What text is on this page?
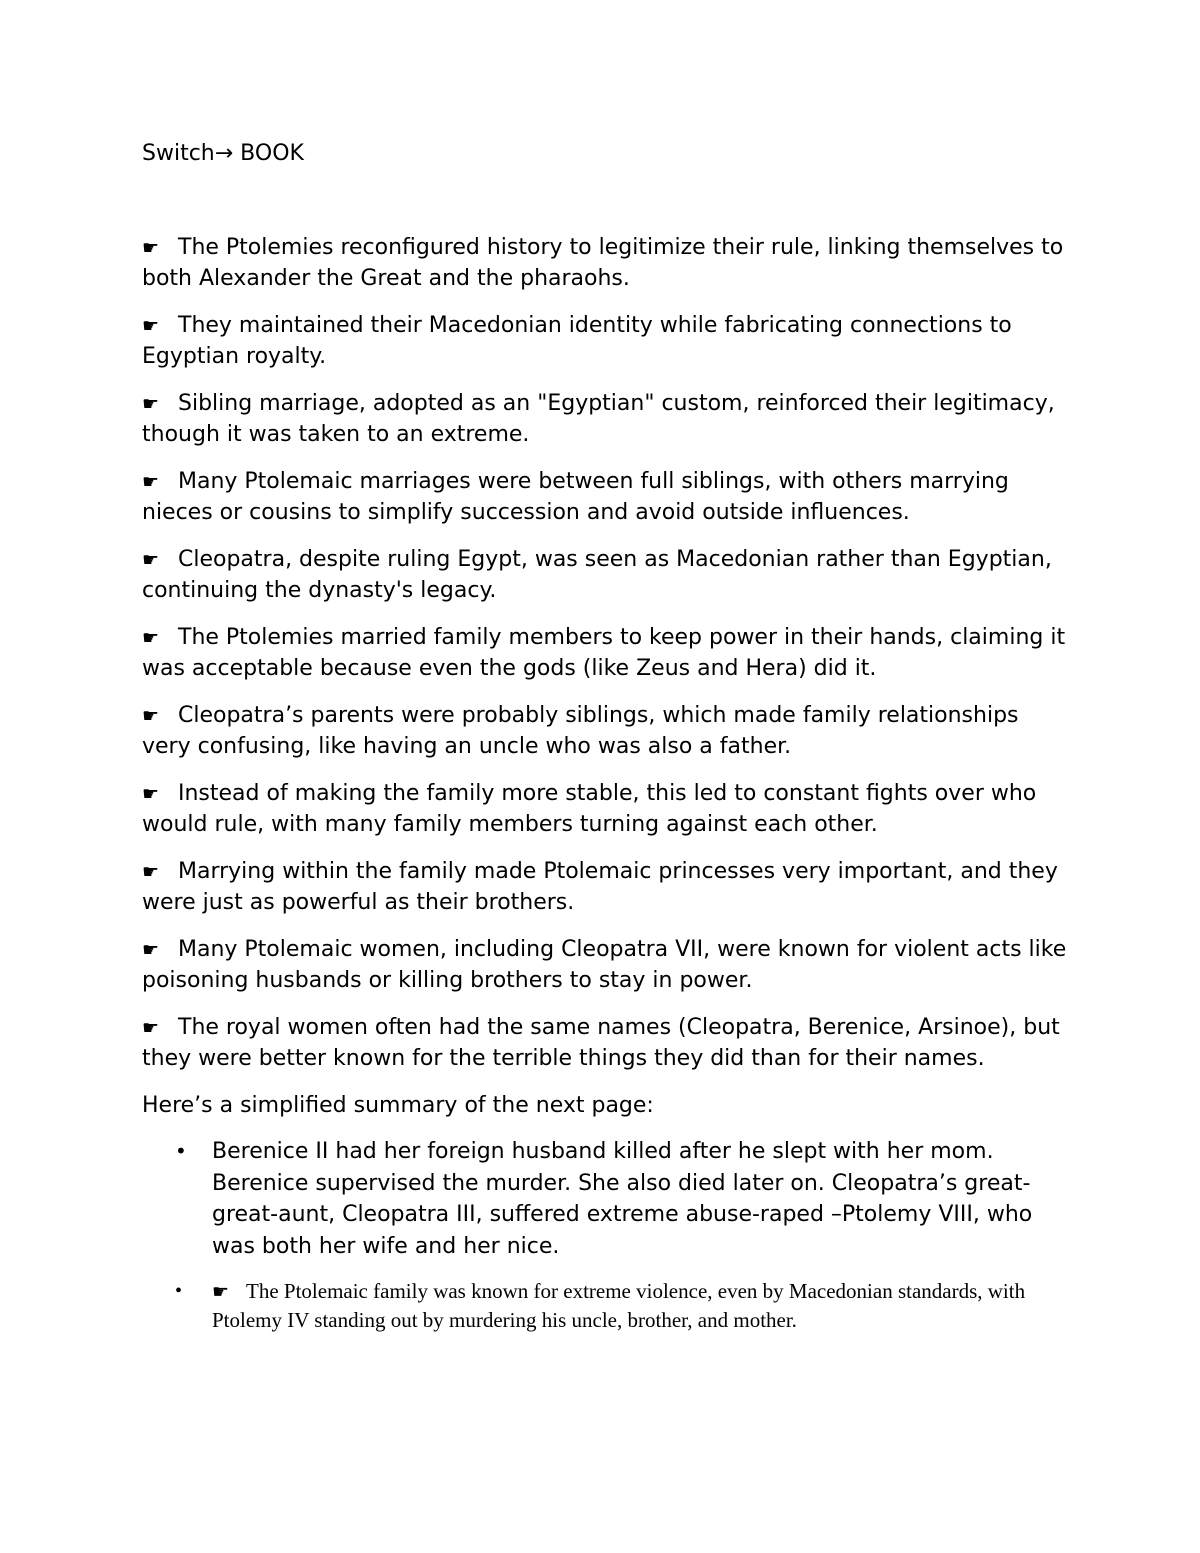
Switch→ BOOK

☛ The Ptolemies reconfigured history to legitimize their rule, linking themselves to both Alexander the Great and the pharaohs.

☛ They maintained their Macedonian identity while fabricating connections to Egyptian royalty.

☛ Sibling marriage, adopted as an "Egyptian" custom, reinforced their legitimacy, though it was taken to an extreme.

☛ Many Ptolemaic marriages were between full siblings, with others marrying nieces or cousins to simplify succession and avoid outside influences.

☛ Cleopatra, despite ruling Egypt, was seen as Macedonian rather than Egyptian, continuing the dynasty's legacy.

☛ The Ptolemies married family members to keep power in their hands, claiming it was acceptable because even the gods (like Zeus and Hera) did it.

☛ Cleopatra’s parents were probably siblings, which made family relationships very confusing, like having an uncle who was also a father.

☛ Instead of making the family more stable, this led to constant fights over who would rule, with many family members turning against each other.

☛ Marrying within the family made Ptolemaic princesses very important, and they were just as powerful as their brothers.

☛ Many Ptolemaic women, including Cleopatra VII, were known for violent acts like poisoning husbands or killing brothers to stay in power.

☛ The royal women often had the same names (Cleopatra, Berenice, Arsinoe), but they were better known for the terrible things they did than for their names.

Here’s a simplified summary of the next page:

• Berenice II had her foreign husband killed after he slept with her mom. Berenice supervised the murder. She also died later on. Cleopatra’s great-great-aunt, Cleopatra III, suffered extreme abuse-raped –Ptolemy VIII, who was both her wife and her nice.
• ☛ The Ptolemaic family was known for extreme violence, even by Macedonian standards, with Ptolemy IV standing out by murdering his uncle, brother, and mother.
